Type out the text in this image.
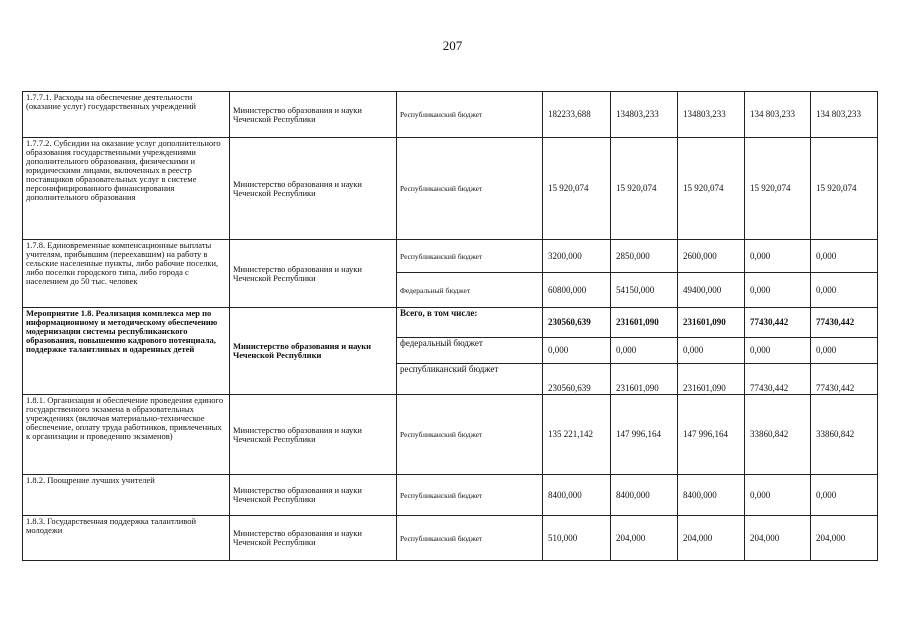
207
1.7.7.1. Расходы на обеспечение деятельности (оказание услуг) государственных учреждений	Министерство образования и науки Чеченской Республики	Республиканский бюджет	182233,688	134803,233	134803,233	134 803,233	134 803,233
1.7.7.2. Субсидии на оказание услуг дополнительного образования государственными учреждениями дополнительного образования, физическими и юридическими лицами, включенных в реестр поставщиков образовательных услуг в системе персонифицированного финансирования дополнительного образования	Министерство образования и науки Чеченской Республики	Республиканский бюджет	15 920,074	15 920,074	15 920,074	15 920,074	15 920,074
1.7.8. Единовременные компенсационные выплаты учителям, прибывшим (переехавшим) на работу в сельские населенные пункты, либо рабочие поселки, либо поселки городского типа, либо города с населением до 50 тыс. человек	Министерство образования и науки Чеченской Республики	Республиканский бюджет	3200,000	2850,000	2600,000	0,000	0,000
		Федеральный бюджет	60800,000	54150,000	49400,000	0,000	0,000
Мероприятие 1.8. Реализация комплекса мер по информационному и методическому обеспечению модернизации системы республиканского образования, повышению кадрового потенциала, поддержке талантливых и одаренных детей	Министерство образования и науки Чеченской Республики	Всего, в том числе:	230560,639	231601,090	231601,090	77430,442	77430,442
		федеральный бюджет	0,000	0,000	0,000	0,000	0,000
		республиканский бюджет	230560,639	231601,090	231601,090	77430,442	77430,442
1.8.1. Организация и обеспечение проведения единого государственного экзамена в образовательных учреждениях (включая материально-техническое обеспечение, оплату труда работников, привлеченных к организации и проведению экзаменов)	Министерство образования и науки Чеченской Республики	Республиканский бюджет	135 221,142	147 996,164	147 996,164	33860,842	33860,842
1.8.2. Поощрение лучших учителей	Министерство образования и науки Чеченской Республики	Республиканский бюджет	8400,000	8400,000	8400,000	0,000	0,000
1.8.3. Государственная поддержка талантливой молодежи	Министерство образования и науки Чеченской Республики	Республиканский бюджет	510,000	204,000	204,000	204,000	204,000
